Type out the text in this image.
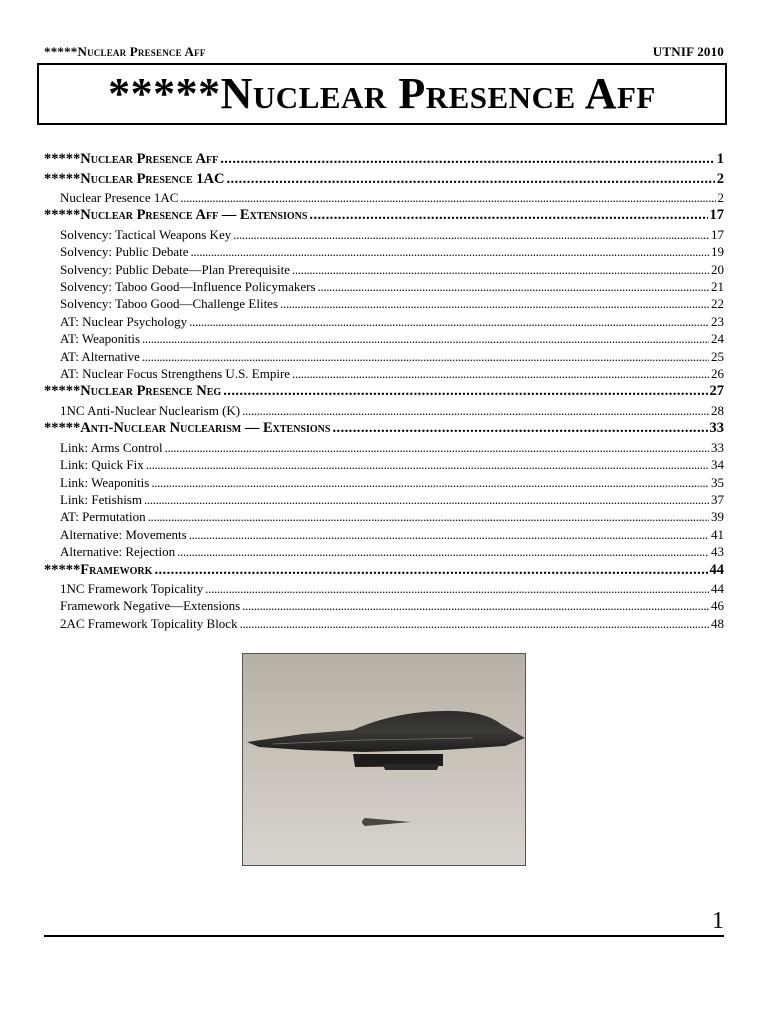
*****Nuclear Presence Aff	UTNIF 2010
*****Nuclear Presence Aff
*****Nuclear Presence Aff . . .	1
*****Nuclear Presence 1AC . . .	2
Nuclear Presence 1AC . . .	2
*****Nuclear Presence Aff — Extensions . . .	17
Solvency: Tactical Weapons Key . . .	17
Solvency: Public Debate . . .	19
Solvency: Public Debate—Plan Prerequisite . . .	20
Solvency: Taboo Good—Influence Policymakers . . .	21
Solvency: Taboo Good—Challenge Elites . . .	22
AT: Nuclear Psychology . . .	23
AT: Weaponitis . . .	24
AT: Alternative . . .	25
AT: Nuclear Focus Strengthens U.S. Empire . . .	26
*****Nuclear Presence Neg . . .	27
1NC Anti-Nuclear Nuclearism (K) . . .	28
*****Anti-Nuclear Nuclearism — Extensions . . .	33
Link: Arms Control . . .	33
Link: Quick Fix . . .	34
Link: Weaponitis . . .	35
Link: Fetishism . . .	37
AT: Permutation . . .	39
Alternative: Movements . . .	41
Alternative: Rejection . . .	43
*****Framework . . .	44
1NC Framework Topicality . . .	44
Framework Negative—Extensions . . .	46
2AC Framework Topicality Block . . .	48
1
